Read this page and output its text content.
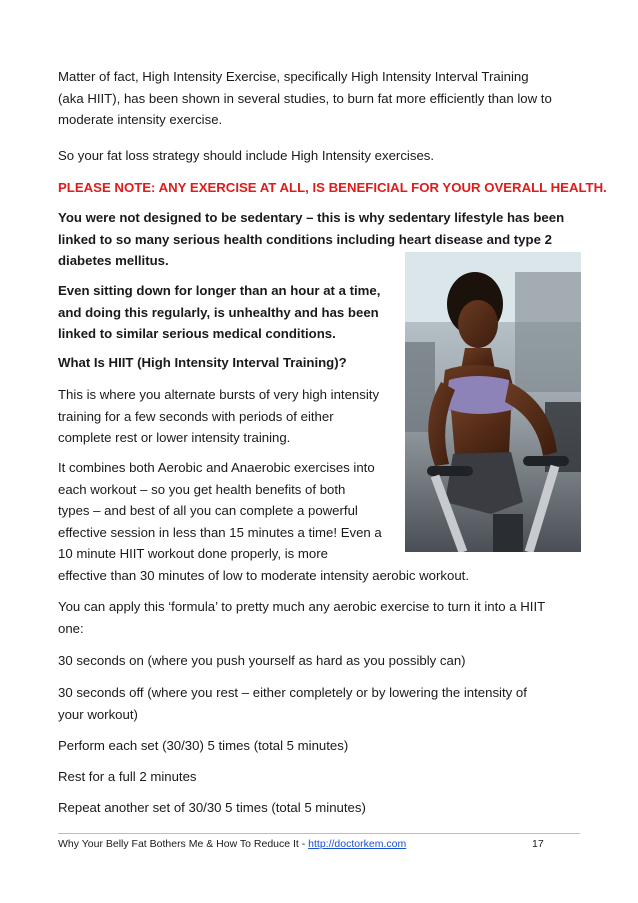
Matter of fact, High Intensity Exercise, specifically High Intensity Interval Training
(aka HIIT), has been shown in several studies, to burn fat more efficiently than low to
moderate intensity exercise.

So your fat loss strategy should include High Intensity exercises.

PLEASE NOTE: ANY EXERCISE AT ALL, IS BENEFICIAL FOR YOUR OVERALL HEALTH.

You were not designed to be sedentary – this is why sedentary lifestyle has been
linked to so many serious health conditions including heart disease and type 2
diabetes mellitus.

Even sitting down for longer than an hour at a time,
and doing this regularly, is unhealthy and has been
linked to similar serious medical conditions.

What Is HIIT (High Intensity Interval Training)?

This is where you alternate bursts of very high intensity
training for a few seconds with periods of either
complete rest or lower intensity training.

It combines both Aerobic and Anaerobic exercises into
each workout – so you get health benefits of both
types – and best of all you can complete a powerful
effective session in less than 15 minutes a time! Even a
10 minute HIIT workout done properly, is more
effective than 30 minutes of low to moderate intensity aerobic workout.

You can apply this ‘formula’ to pretty much any aerobic exercise to turn it into a HIIT
one:

30 seconds on (where you push yourself as hard as you possibly can)

30 seconds off (where you rest – either completely or by lowering the intensity of
your workout)

Perform each set (30/30) 5 times (total 5 minutes)

Rest for a full 2 minutes

Repeat another set of 30/30 5 times (total 5 minutes)

Why Your Belly Fat Bothers Me & How To Reduce It - http://doctorkem.com	17
